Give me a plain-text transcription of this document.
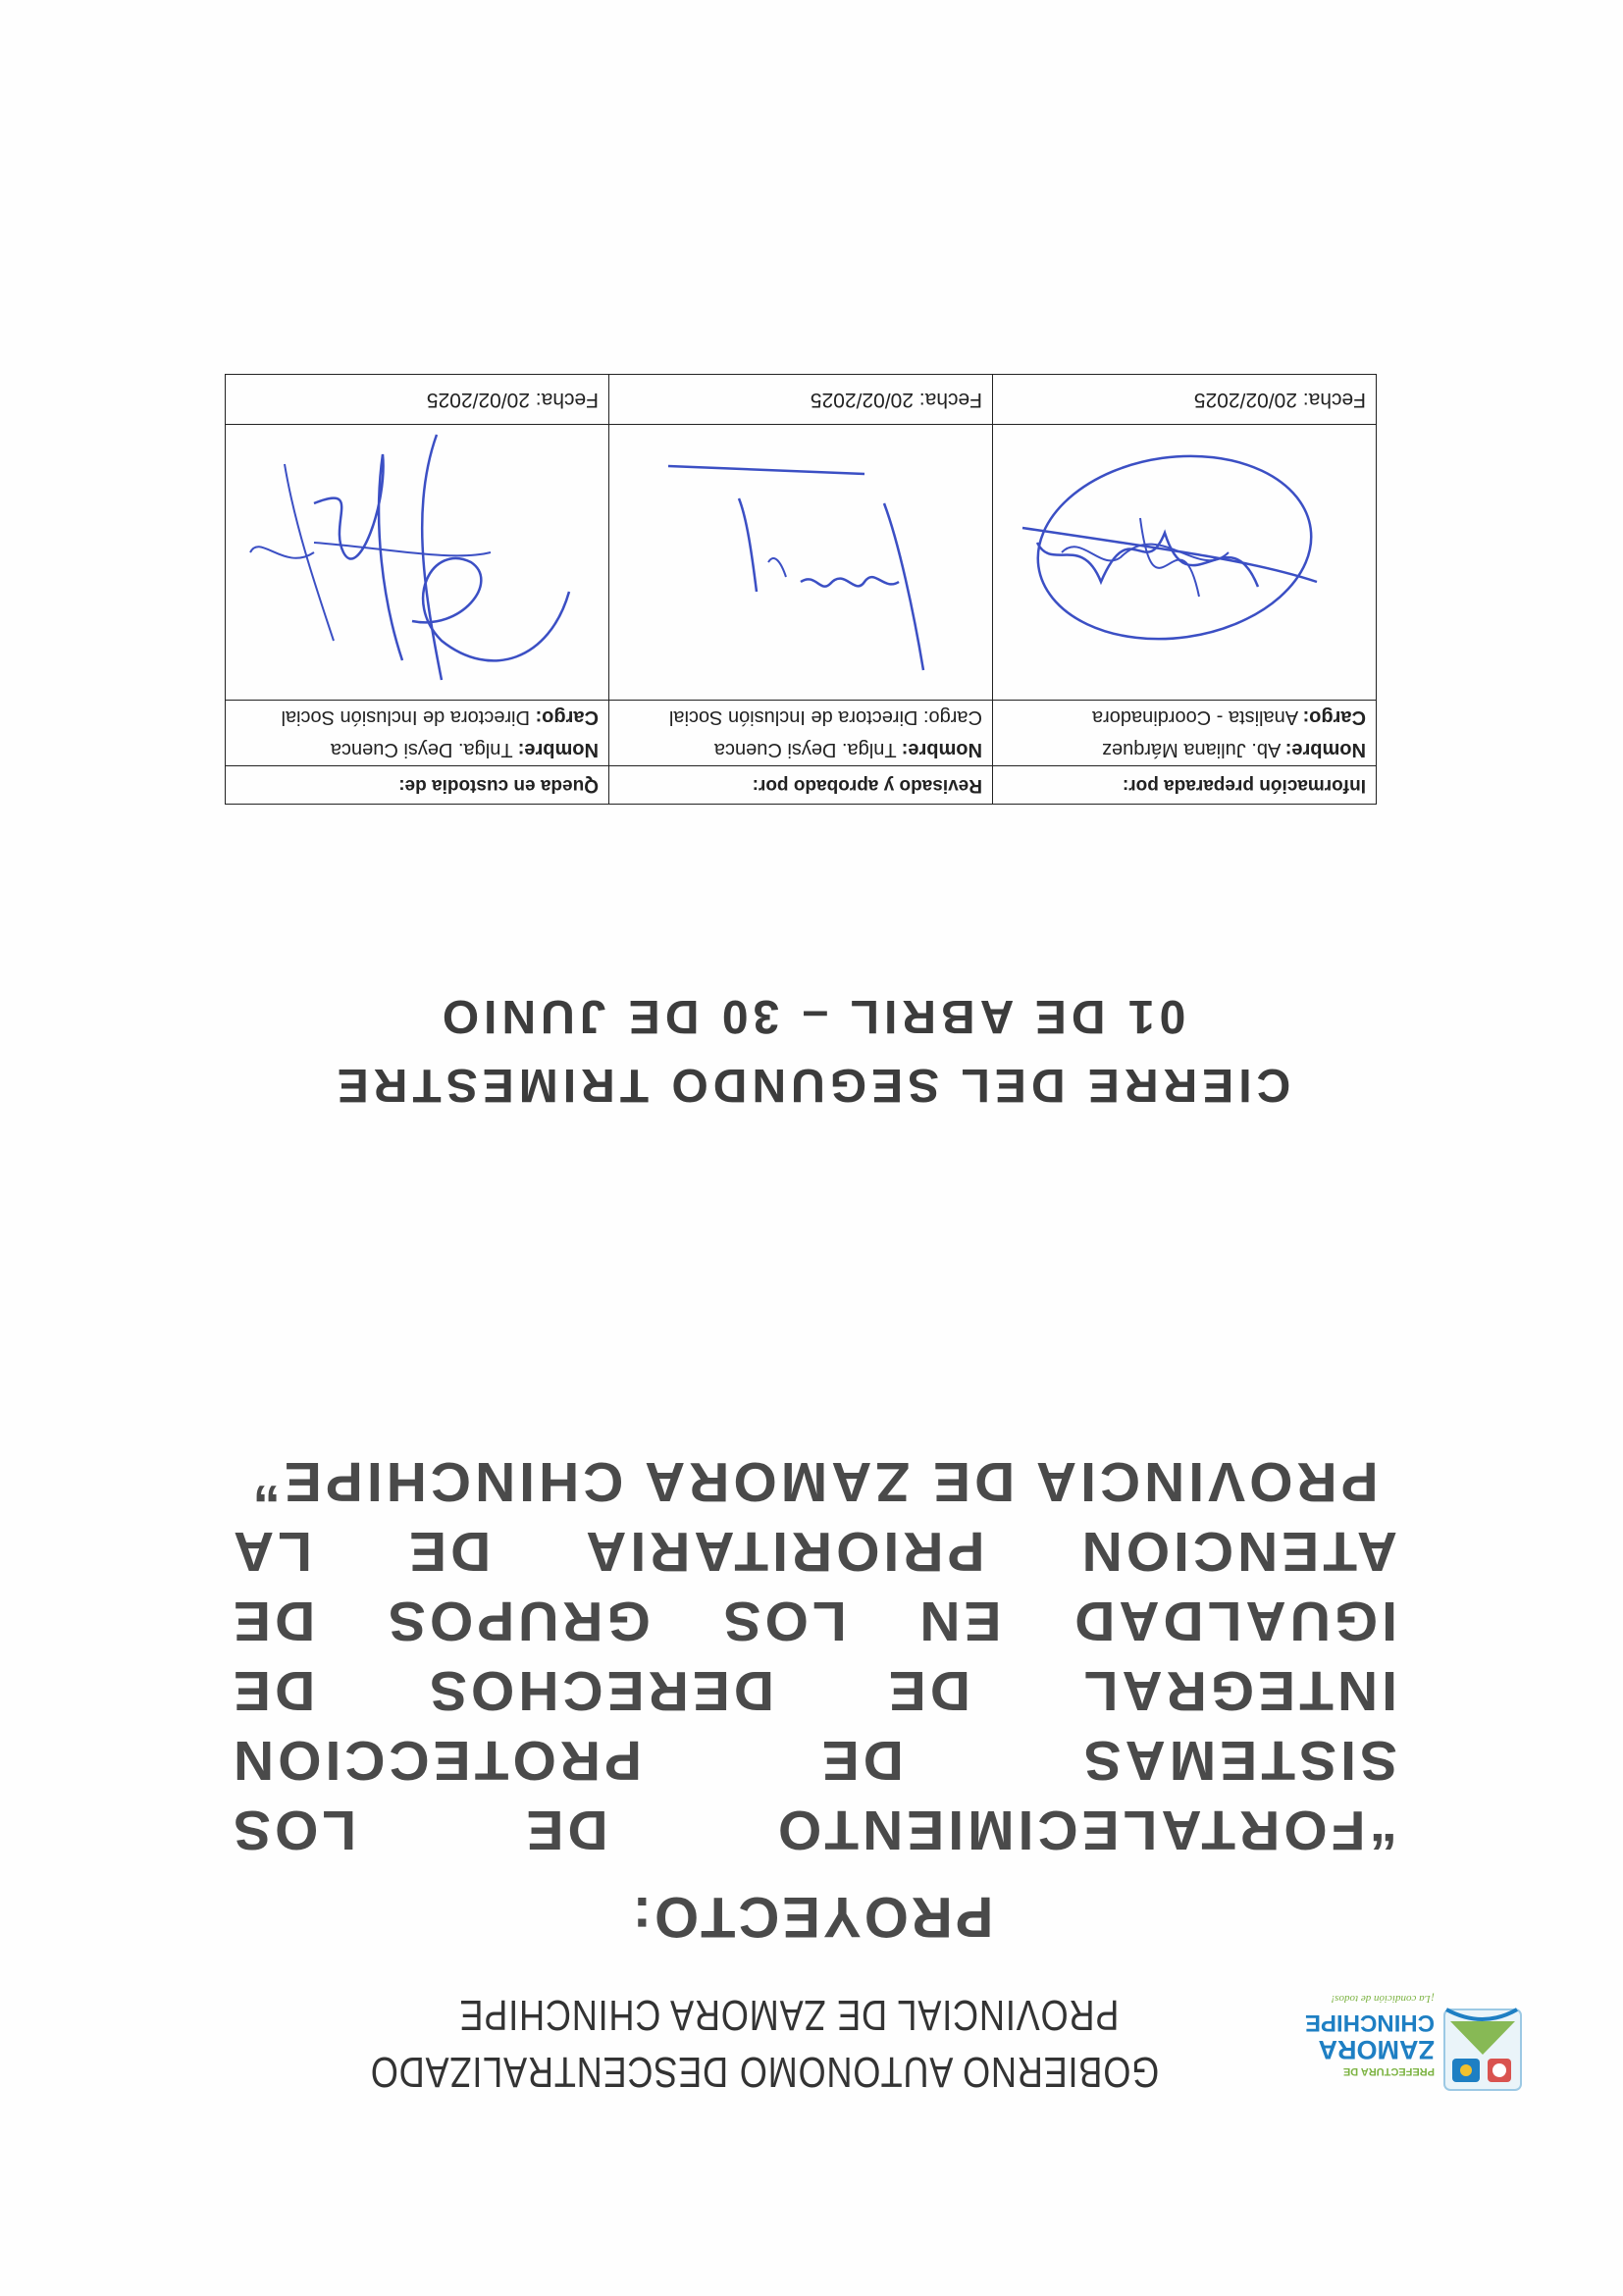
PREFECTURA DE
ZAMORA
CHINCHIPE
¡La condición de todos!
GOBIERNO AUTONOMO DESCENTRALIZADO
PROVINCIAL DE ZAMORA CHINCHIPE
PROYECTO:
“FORTALECIMIENTO DE LOS SISTEMAS DE PROTECCION INTEGRAL DE DERECHOS DE IGUALDAD EN LOS GRUPOS DE ATENCION PRIORITARIA DE LA PROVINCIA DE ZAMORA CHINCHIPE”
CIERRE DEL SEGUNDO TRIMESTRE
01 DE ABRIL – 30 DE JUNIO
Información preparada por:	Revisado y aprobado por:	Queda en custodia de:
Nombre: Ab. Juliana Márquez	Nombre: Tnlga. Deysi Cuenca	Nombre: Tnlga. Deysi Cuenca
Cargo: Analista - Coordinadora	Cargo: Directora de Inclusión Social	Cargo: Directora de Inclusión Social

Fecha: 20/02/2025	Fecha: 20/02/2025	Fecha: 20/02/2025
